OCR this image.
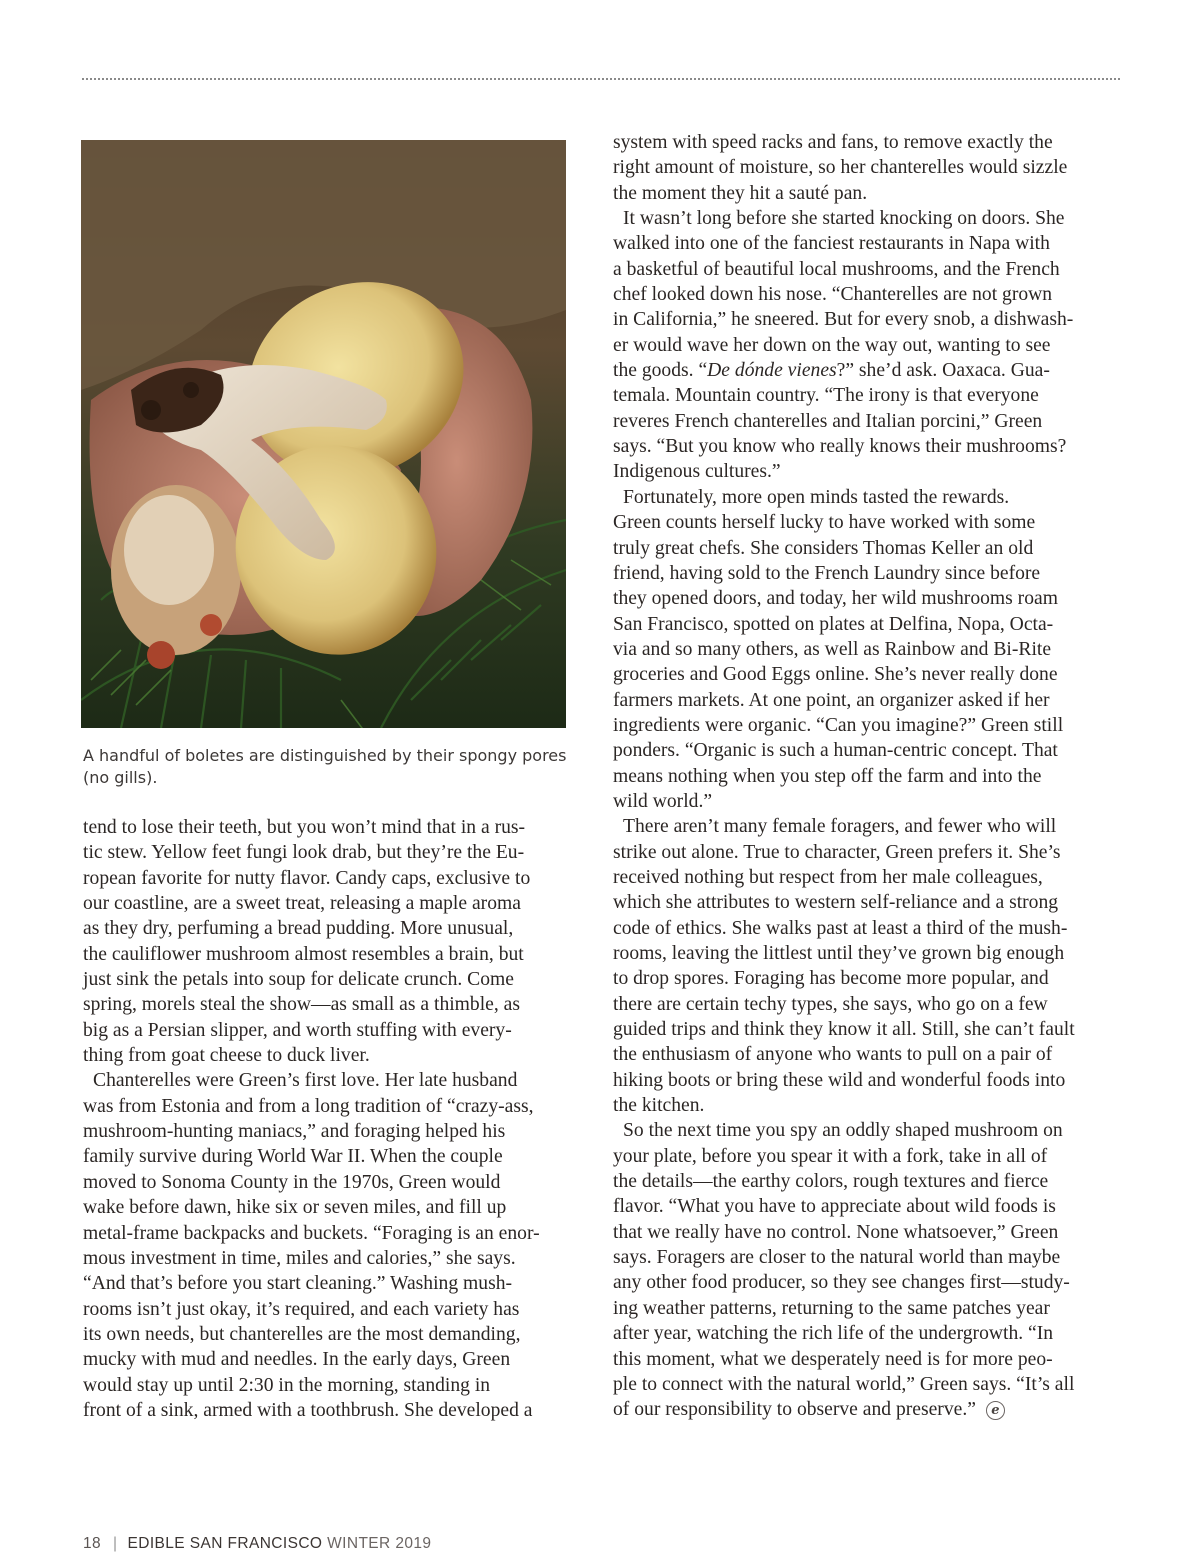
A handful of boletes are distinguished by their spongy pores (no gills).

tend to lose their teeth, but you won’t mind that in a rus-

tic stew. Yellow feet fungi look drab, but they’re the Eu-

ropean favorite for nutty flavor. Candy caps, exclusive to

our coastline, are a sweet treat, releasing a maple aroma

as they dry, perfuming a bread pudding. More unusual,

the cauliflower mushroom almost resembles a brain, but

just sink the petals into soup for delicate crunch. Come

spring, morels steal the show—as small as a thimble, as

big as a Persian slipper, and worth stuffing with every-

thing from goat cheese to duck liver.

Chanterelles were Green’s first love. Her late husband

was from Estonia and from a long tradition of “crazy-ass,

mushroom-hunting maniacs,” and foraging helped his

family survive during World War II. When the couple

moved to Sonoma County in the 1970s, Green would

wake before dawn, hike six or seven miles, and fill up

metal-frame backpacks and buckets. “Foraging is an enor-

mous investment in time, miles and calories,” she says.

“And that’s before you start cleaning.” Washing mush-

rooms isn’t just okay, it’s required, and each variety has

its own needs, but chanterelles are the most demanding,

mucky with mud and needles. In the early days, Green

would stay up until 2:30 in the morning, standing in

front of a sink, armed with a toothbrush. She developed a

system with speed racks and fans, to remove exactly the

right amount of moisture, so her chanterelles would sizzle

the moment they hit a sauté pan.

It wasn’t long before she started knocking on doors. She

walked into one of the fanciest restaurants in Napa with

a basketful of beautiful local mushrooms, and the French

chef looked down his nose. “Chanterelles are not grown

in California,” he sneered. But for every snob, a dishwash-

er would wave her down on the way out, wanting to see

the goods. “De dónde vienes?” she’d ask. Oaxaca. Gua-

temala. Mountain country. “The irony is that everyone

reveres French chanterelles and Italian porcini,” Green

says. “But you know who really knows their mushrooms?

Indigenous cultures.”

Fortunately, more open minds tasted the rewards.

Green counts herself lucky to have worked with some

truly great chefs. She considers Thomas Keller an old

friend, having sold to the French Laundry since before

they opened doors, and today, her wild mushrooms roam

San Francisco, spotted on plates at Delfina, Nopa, Octa-

via and so many others, as well as Rainbow and Bi-Rite

groceries and Good Eggs online. She’s never really done

farmers markets. At one point, an organizer asked if her

ingredients were organic. “Can you imagine?” Green still

ponders. “Organic is such a human-centric concept. That

means nothing when you step off the farm and into the

wild world.”

There aren’t many female foragers, and fewer who will

strike out alone. True to character, Green prefers it. She’s

received nothing but respect from her male colleagues,

which she attributes to western self-reliance and a strong

code of ethics. She walks past at least a third of the mush-

rooms, leaving the littlest until they’ve grown big enough

to drop spores. Foraging has become more popular, and

there are certain techy types, she says, who go on a few

guided trips and think they know it all. Still, she can’t fault

the enthusiasm of anyone who wants to pull on a pair of

hiking boots or bring these wild and wonderful foods into

the kitchen.

So the next time you spy an oddly shaped mushroom on

your plate, before you spear it with a fork, take in all of

the details—the earthy colors, rough textures and fierce

flavor. “What you have to appreciate about wild foods is

that we really have no control. None whatsoever,” Green

says. Foragers are closer to the natural world than maybe

any other food producer, so they see changes first—study-

ing weather patterns, returning to the same patches year

after year, watching the rich life of the undergrowth. “In

this moment, what we desperately need is for more peo-

ple to connect with the natural world,” Green says. “It’s all

of our responsibility to observe and preserve.” e

18 | EDIBLE SAN FRANCISCO WINTER 2019
